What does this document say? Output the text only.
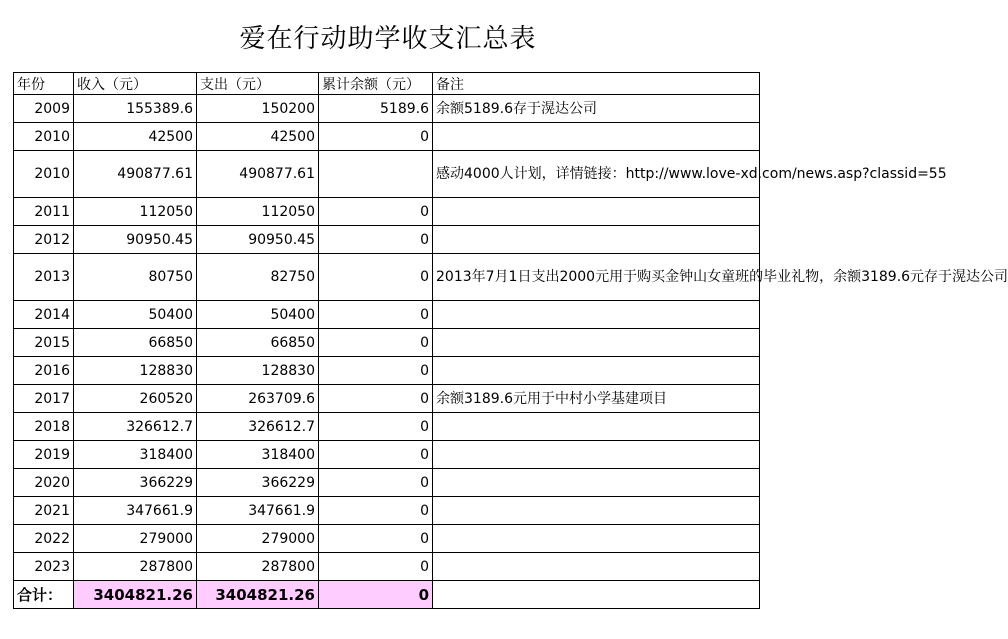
爱在行动助学收支汇总表
年份	收入（元）	支出（元）	累计余额（元）	备注
2009	155389.6	150200	5189.6	余额5189.6存于滉达公司
2010	42500	42500	0	
2010	490877.61	490877.61		感动4000人计划，详情链接：http://www.love-xd.com/news.asp?classid=55
2011	112050	112050	0	
2012	90950.45	90950.45	0	
2013	80750	82750	0	2013年7月1日支出2000元用于购买金钟山女童班的毕业礼物，余额3189.6元存于滉达公司
2014	50400	50400	0	
2015	66850	66850	0	
2016	128830	128830	0	
2017	260520	263709.6	0	余额3189.6元用于中村小学基建项目
2018	326612.7	326612.7	0	
2019	318400	318400	0	
2020	366229	366229	0	
2021	347661.9	347661.9	0	
2022	279000	279000	0	
2023	287800	287800	0	
合计：	3404821.26	3404821.26	0	
